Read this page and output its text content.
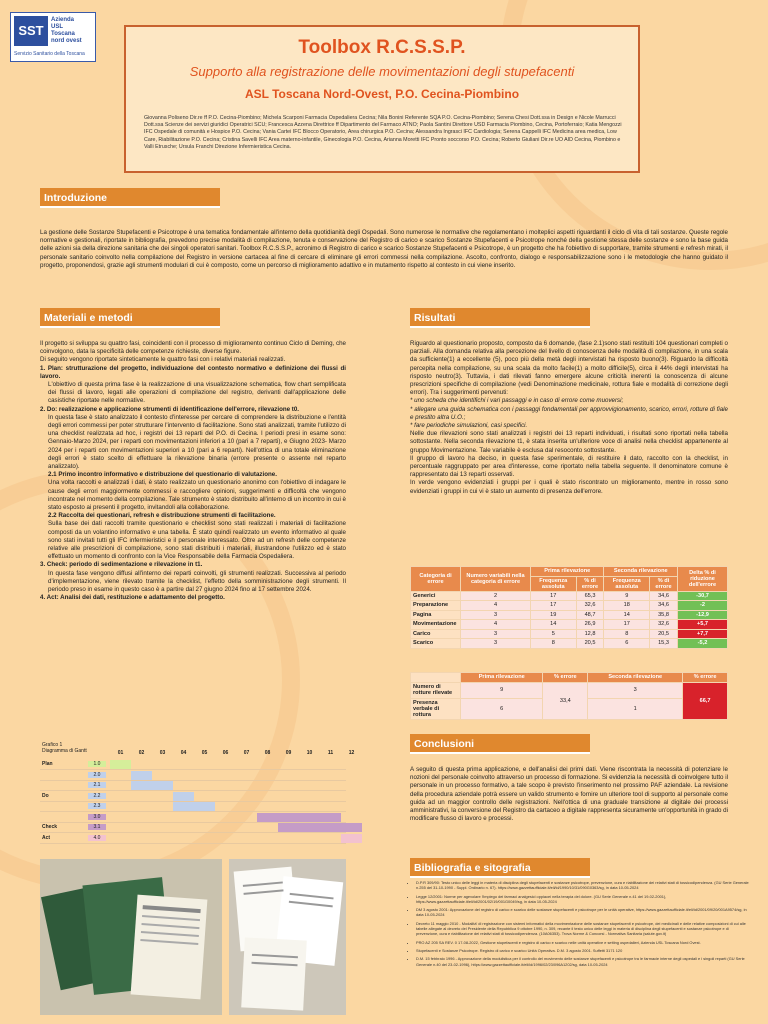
SST
Azienda
USL
Toscana
nord ovest
Servizio Sanitario della Toscana	Toolbox R.C.S.S.P.
Supporto alla registrazione delle movimentazioni degli stupefacenti
ASL Toscana Nord-Ovest, P.O. Cecina-Piombino
Giovanna Poliseno Dir.re ff P.O. Cecina-Piombino; Michela Scarponi Farmacia Ospedaliera Cecina; Nila Bonini Referente SQA P.O. Cecina-Piombino; Serena Chesi Dott.ssa in Design e Nicole Marrucci Dott.ssa Scienze dei servizi giuridici Operatrici SCU; Francesca Azzena Direttrice ff Dipartimento del Farmaco ATNO; Paola Santini Direttore USD Farmacia Piombino, Cecina, Portoferraio; Katia Mengozzi IFC Ospedale di comunità e Hospice P.O. Cecina; Vania Cartei IFC Blocco Operatorio, Area chirurgica P.O. Cecina; Alessandra Ingrasci IFC Cardiologia; Serena Cappelli IFC Medicina area medica, Low Care, Riabilitazione P.O. Cecina; Cristina Savelli IFC Area materno-infantile, Ginecologia P.O. Cecina, Arianna Moretti IFC Pronto soccorso P.O. Cecina; Roberto Giuliani Dir.re UO AID Cecina, Piombino e Valli Etrusche; Ursula Franchi Direzione Infermieristica Cecina.
Introduzione
La gestione delle Sostanze Stupefacenti e Psicotrope è una tematica fondamentale all'interno della quotidianità degli Ospedali. Sono numerose le normative che regolamentano i molteplici aspetti riguardanti il ciclo di vita di tali sostanze. Queste regole normative e gestionali, riportate in bibliografia, prevedono precise modalità di compilazione, tenuta e conservazione del Registro di carico e scarico Sostanze Stupefacenti e Psicotrope nonché della gestione stessa delle sostanze e sono la base guida delle azioni sia della direzione sanitaria che dei singoli operatori sanitari. Toolbox R.C.S.S.P., acronimo di Registro di carico e scarico Sostanze Stupefacenti e Psicotrope, è un progetto che ha l'obiettivo di supportare, tramite strumenti e refresh mirati, il personale sanitario coinvolto nella compilazione del Registro in versione cartacea al fine di cercare di eliminare gli errori commessi nella compilazione. Ascolto, confronto, dialogo e responsabilizzazione sono i le metodologie che hanno guidato il progetto, proponendosi, grazie agli strumenti modulari di cui è composto, come un percorso di miglioramento adattivo e in mutamento rispetto al contesto in cui viene inserito.
Materiali e metodi

Il progetto si sviluppa su quattro fasi, coincidenti con il processo di miglioramento continuo Ciclo di Deming, che coinvolgono, data la specificità delle competenze richieste, diverse figure.

Di seguito vengono riportate sinteticamente le quattro fasi con i relativi materiali realizzati.

1. Plan: strutturazione del progetto, individuazione del contesto normativo e definizione dei flussi di lavoro.

L'obiettivo di questa prima fase è la realizzazione di una visualizzazione schematica, flow chart semplificata dei flussi di lavoro, legati alle operazioni di compilazione del registro, derivanti dall'applicazione delle casistiche riportate nelle normative.

2. Do: realizzazione e applicazione strumenti di identificazione dell'errore, rilevazione t0.

In questa fase è stato analizzato il contesto d'interesse per cercare di comprendere la distribuzione e l'entità degli errori commessi per poter strutturare l'intervento di facilitazione. Sono stati analizzati, tramite l'utilizzo di una checklist realizzata ad hoc, i registri dei 13 reparti del P.O. di Cecina. I periodi presi in esame sono: Gennaio-Marzo 2024, per i reparti con movimentazioni inferiori a 10 (pari a 7 reparti), e Giugno 2023- Marzo 2024 per i reparti con movimentazioni superiori a 10 (pari a 6 reparti). Nell'ottica di una totale eliminazione degli errori è stato scelto di effettuare la rilevazione binaria (errore presente o assente nel reparto analizzato).

2.1 Primo incontro informativo e distribuzione del questionario di valutazione.

Una volta raccolti e analizzati i dati, è stato realizzato un questionario anonimo con l'obiettivo di indagare le cause degli errori maggiormente commessi e raccogliere opinioni, suggerimenti e difficoltà che vengono incontrate nel momento della compilazione. Tale strumento è stato distribuito all'interno di un incontro in cui è stato esposto ai presenti il progetto, invitandoli alla collaborazione.

2.2 Raccolta dei questionari, refresh e distribuzione strumenti di facilitazione.

Sulla base dei dati raccolti tramite questionario e checklist sono stati realizzati i materiali di facilitazione composti da un volantino informativo e una tabella. È stato quindi realizzato un evento informativo al quale sono stati invitati tutti gli IFC infermieristici e il personale interessato. Oltre ad un refresh delle competenze relative alle prescrizioni di compilazione, sono stati distribuiti i materiali, illustrandone l'utilizzo ed è stato effettuato un momento di confronto con la Vice Responsabile della Farmacia Ospedaliera.

3. Check: periodo di sedimentazione e rilevazione in t1.

In questa fase vengono diffusi all'interno dei reparti coinvolti, gli strumenti realizzati. Successiva al periodo d'implementazione, viene rilevato tramite la checklist, l'effetto della somministrazione degli strumenti. Il periodo preso in esame in questo caso è a partire dal 27 giugno 2024 fino al 17 settembre 2024.

4. Act: Analisi dei dati, restituzione e adattamento del progetto.

Grafico 1
Diagramma di Gantt	01	02	03	04	05	06	07	08	09	10	11	12
Plan	1.0
2.0
2.1
Do	2.2
2.3
3.0
Check	3.1
Act	4.0
Risultati

Riguardo al questionario proposto, composto da 6 domande, (fase 2.1)sono stati restituiti 104 questionari completi o parziali. Alla domanda relativa alla percezione del livello di conoscenza delle modalità di compilazione, in una scala da sufficiente(1) a eccellente (5), poco più della metà degli intervistati ha risposto buono(3). Riguardo la difficoltà percepita nella compilazione, su una scala da molto facile(1) a molto difficile(5), circa il 44% degli intervistati ha risposto neutro(3). Tuttavia, i dati rilevati fanno emergere alcune criticità inerenti la conoscenza di alcune prescrizioni specifiche di compilazione (vedi Denominazione medicinale, rottura fiale e modalità di correzione degli errori). Tra i suggerimenti pervenuti:

* uno scheda che identifichi i vari passaggi e in caso di errore come muoversi;

* allegare una guida schematica con i passaggi fondamentali per approvvigionamento, scarico, errori, rotture di fiale e prestito altra U.O.;

* fare periodiche simulazioni, casi specifici.

Nelle due rilevazioni sono stati analizzati i registri dei 13 reparti individuati, i risultati sono riportati nella tabella sottostante. Nella seconda rilevazione t1, è stata inserita un'ulteriore voce di analisi nella checklist appartenente al gruppo Movimentazione. Tale variabile è esclusa dal resoconto sottostante.

Il gruppo di lavoro ha deciso, in questa fase sperimentale, di restituire il dato, raccolto con la checklist, in percentuale raggruppato per area d'interesse, come riportato nella tabella seguente. Il denominatore comune è rappresentato dai 13 reparti osservati.

In verde vengono evidenziati i gruppi per i quali è stato riscontrato un miglioramento, mentre in rosso sono evidenziati i gruppi in cui vi è stato un aumento di presenza dell'errore.

Categoria di errore	Numero variabili nella categoria di errore	Prima rilevazione		Seconda rilevazione		Delta % di riduzione dell'errore
		Frequenza assoluta	% di errore	Frequenza assoluta	% di errore	
Generici	2	17	65,3	9	34,6	-30,7
Preparazione	4	17	32,6	18	34,6	-2
Pagina	3	19	48,7	14	35,8	-12,9
Movimentazione	4	14	26,9	17	32,6	+5,7
Carico	3	5	12,8	8	20,5	+7,7
Scarico	3	8	20,5	6	15,3	-5,2
	Prima rilevazione	% errore	Seconda rilevazione	% errore
Numero di rotture rilevate	9	33,4	3	66,7
Presenza verbale di rottura	6		1	
Conclusioni
A seguito di questa prima applicazione, e dell'analisi dei primi dati. Viene riscontrata la necessità di potenziare le nozioni del personale coinvolto attraverso un processo di formazione. Si evidenzia la necessità di coinvolgere tutto il personale in un processo formativo, a tale scopo è previsto l'inserimento nel prossimo PAF aziendale. La revisione della procedura aziendale potrà essere un valido strumento e fornire un ulteriore tool di supporto al personale come guida ad un maggior controllo delle registrazioni. Nell'ottica di una graduale transizione al digitale dei processi amministrativi, la conversione del Registro da cartaceo a digitale rappresenta sicuramente un'opportunità in grado di modificare flusso di lavoro e processi.
Bibliografia e sitografia
• D.P.R 309/90: Testo unico delle leggi in materia di disciplina degli stupefacenti e sostanze psicotrope, prevenzione, cura e riabilitazione dei relativi stati di tossicodipendenza. (GU Serie Generale n.255 del 31-10-1990 - Suppl. Ordinario n. 67). https://www.gazzettaufficiale.it/eli/id/1990/10/31/090G0363/sg, in data 10-05-2024
• Legge 12/2001: Norme per agevolare l'impiego dei farmaci analgesici oppiacei nella terapia del dolore. (GU Serie Generale n.41 del 19-02-2001), https://www.gazzettaufficiale.it/eli/id/2001/02/19/001G0049/sg, in data 10-05-2024
• DM 3 agosto 2001: Approvazione del registro di carico e scarico delle sostanze stupefacenti e psicotrope per le unità operative, https://www.gazzettaufficiale.it/eli/id/2001/09/20/001A9574/sg, in data 10-05-2024
• Decreto 11 maggio 2010 - Modalità' di registrazione con sistemi informatici della movimentazione delle sostanze stupefacenti e psicotrope, dei medicinali e delle relative composizioni di cui alle tabelle allegate al decreto del Presidente della Repubblica 9 ottobre 1990, n. 309, recante il testo unico delle leggi in materia di disciplina degli stupefacenti e sostanze psicotrope e di prevenzione, cura e riabilitazione dei relativi stati di tossicodipendenza. (10A06353). Trova Norme & Concorsi - Normativa Sanitaria (salute.gov.it)
• PRO AZ 205 SA REV. 0 17-08-2022, Gestione stupefacenti e registro di carico e scarico nelle unità operative e setting ospedalieri, Azienda USL Toscana Nord Ovest.
• Stupefacenti e Sostanze Psicotrope. Registro di carico e scarico Unità Operativa. D.M. 3 agosto 2001. Suffetti 3171 120
• D.M. 15 febbraio 1996 - Approvazione della modulistica per il controllo del movimento delle sostanze stupefacenti e psicotrope tra le farmacie interne degli ospedali e i singoli reparti (GU Serie Generale n.40 del 23-02-1996), https://www.gazzettaufficiale.it/eli/id/1996/02/23/096A1202/sg, data 10-05-2024
